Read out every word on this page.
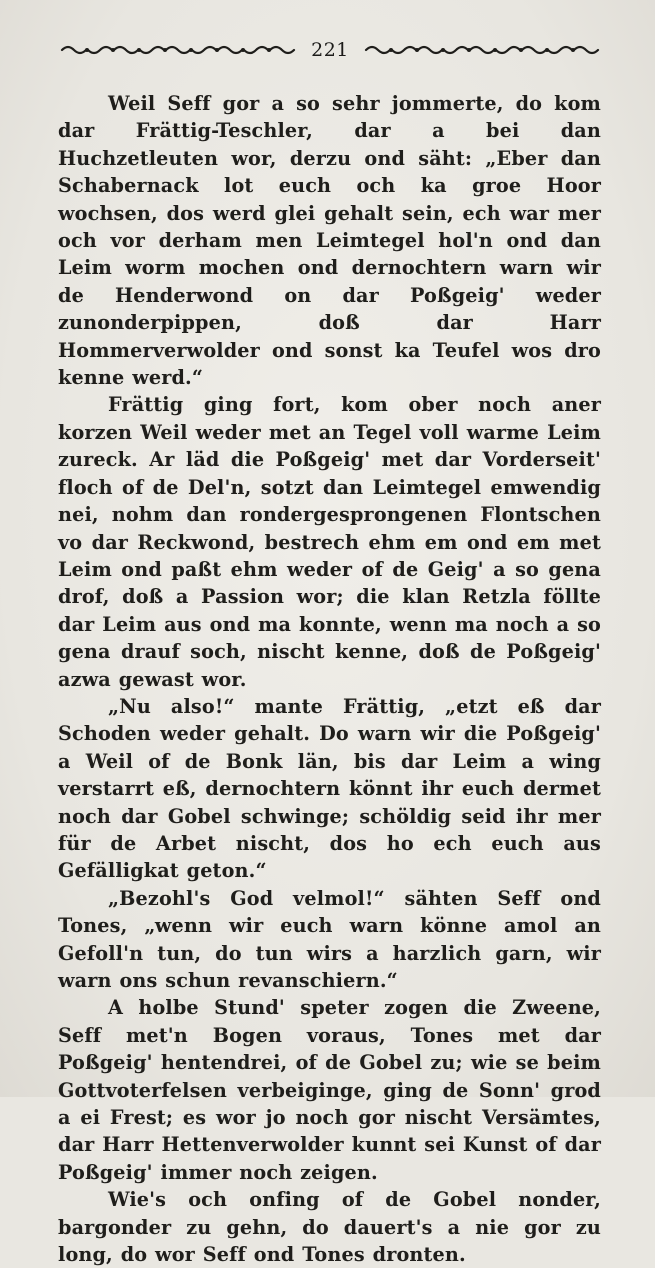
221

Weil Seff gor a so sehr jommerte, do kom dar Frättig-Teschler, dar a bei dan Huchzetleuten wor, derzu ond säht: „Eber dan Schabernack lot euch och ka groe Hoor wochsen, dos werd glei gehalt sein, ech war mer och vor derham men Leimtegel hol'n ond dan Leim worm mochen ond dernochtern warn wir de Henderwond on dar Poßgeig' weder zunonderpippen, doß dar Harr Hommerverwolder ond sonst ka Teufel wos dro kenne werd.“

Frättig ging fort, kom ober noch aner korzen Weil weder met an Tegel voll warme Leim zureck. Ar läd die Poßgeig' met dar Vorderseit' floch of de Del'n, sotzt dan Leimtegel emwendig nei, nohm dan rondergesprongenen Flontschen vo dar Reckwond, bestrech ehm em ond em met Leim ond paßt ehm weder of de Geig' a so gena drof, doß a Passion wor; die klan Retzla föllte dar Leim aus ond ma konnte, wenn ma noch a so gena drauf soch, nischt kenne, doß de Poßgeig' azwa gewast wor.

„Nu also!“ mante Frättig, „etzt eß dar Schoden weder gehalt. Do warn wir die Poßgeig' a Weil of de Bonk län, bis dar Leim a wing verstarrt eß, dernochtern könnt ihr euch dermet noch dar Gobel schwinge; schöldig seid ihr mer für de Arbet nischt, dos ho ech euch aus Gefälligkat geton.“

„Bezohl's God velmol!“ sähten Seff ond Tones, „wenn wir euch warn könne amol an Gefoll'n tun, do tun wirs a harzlich garn, wir warn ons schun revanschiern.“

A holbe Stund' speter zogen die Zweene, Seff met'n Bogen voraus, Tones met dar Poßgeig' hentendrei, of de Gobel zu; wie se beim Gottvoterfelsen verbeiginge, ging de Sonn' grod a ei Frest; es wor jo noch gor nischt Versämtes, dar Harr Hettenverwolder kunnt sei Kunst of dar Poßgeig' immer noch zeigen.

Wie's och onfing of de Gobel nonder, bargonder zu gehn, do dauert's a nie gor zu long, do wor Seff ond Tones dronten.
